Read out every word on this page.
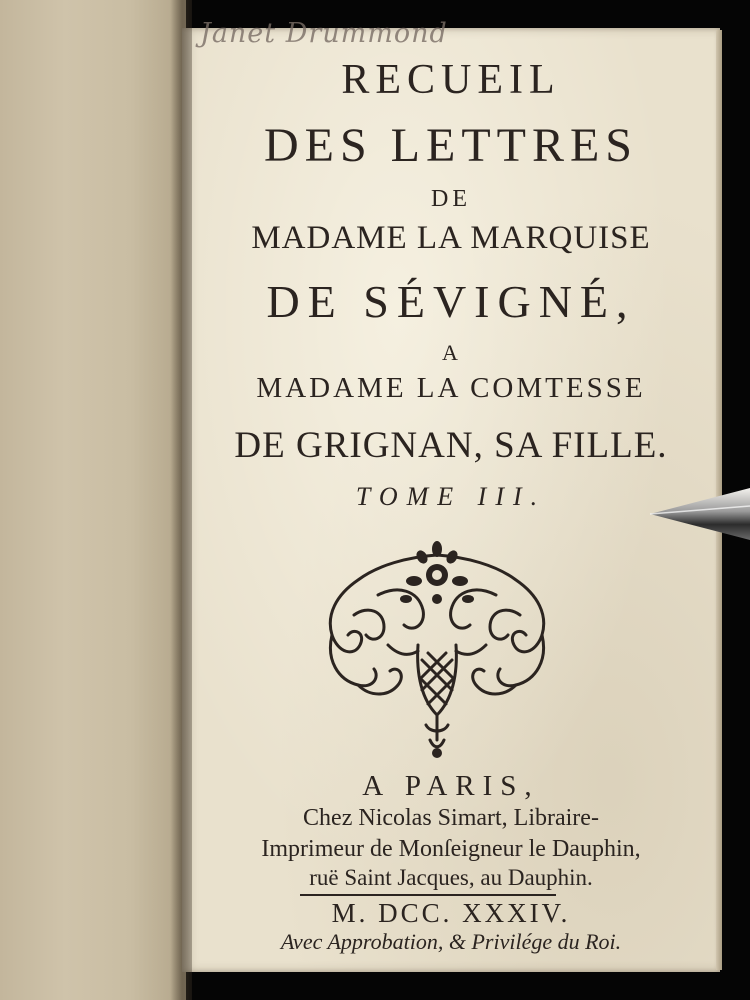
Janet Drummond
RECUEIL
DES LETTRES
DE
MADAME LA MARQUISE
DE SÉVIGNÉ,
A
MADAME LA COMTESSE
DE GRIGNAN, SA FILLE.
TOME III.
A PARIS,
Chez Nicolas Simart, Libraire-
Imprimeur de Monſeigneur le Dauphin,
ruë Saint Jacques, au Dauphin.
M. DCC. XXXIV.
Avec Approbation, & Privilége du Roi.
